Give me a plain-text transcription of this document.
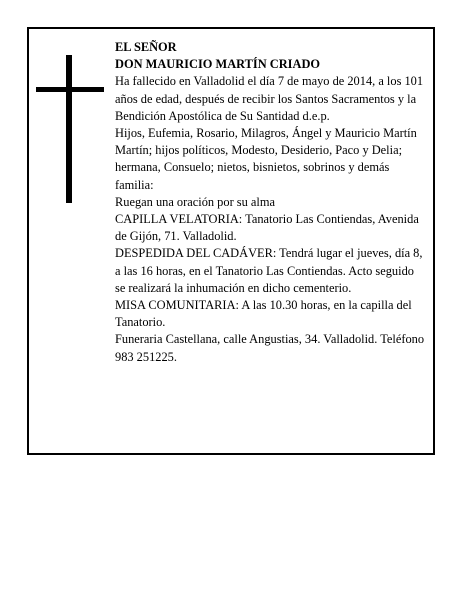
EL SEÑOR

DON MAURICIO MARTÍN CRIADO

Ha fallecido en Valladolid el día 7 de mayo de 2014, a los 101 años de edad, después de recibir los Santos Sacramentos y la Bendición Apostólica de Su Santidad d.e.p.

Hijos, Eufemia, Rosario, Milagros, Ángel y Mauricio Martín Martín; hijos políticos, Modesto, Desiderio, Paco y Delia; hermana, Consuelo; nietos, bisnietos, sobrinos y demás familia:

Ruegan una oración por su alma

CAPILLA VELATORIA: Tanatorio Las Contiendas, Avenida de Gijón, 71. Valladolid.

DESPEDIDA DEL CADÁVER: Tendrá lugar el jueves, día 8, a las 16 horas, en el Tanatorio Las Contiendas. Acto seguido se realizará la inhumación en dicho cementerio.

MISA COMUNITARIA: A las 10.30 horas, en la capilla del Tanatorio.

Funeraria Castellana, calle Angustias, 34. Valladolid. Teléfono 983 251225.
